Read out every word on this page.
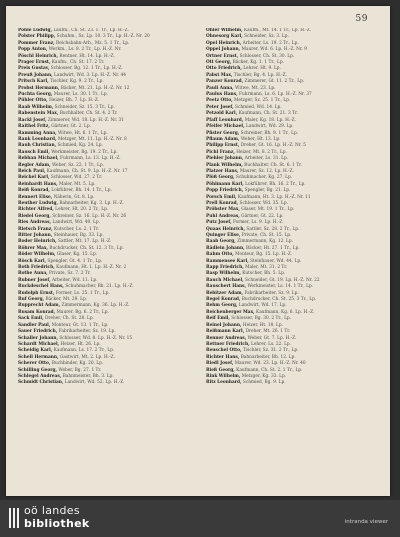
59

Pohle Ludwig, Laufm., Ch. St. 23. 1. Tr., Lp. H.-Z.

Polster Philipp, Schuhm., Sz. Lp. 10. 3 Tr., Lp. H.-Z. Nr. 20

Pommer Franz, Reichsbahn-Arb., Mz. 5. 1 Tr., Lp.

Popp Anton, Werkm., Ls. 8. 2 Tr., Lp. H.-Z. Nr.

Pöschl Heinrich, Rentner, Ht. 14. Lp. H.-Z.

Prager Ernst, Kaufm., Ch. St. 17. 2 Tr.

Preis Gustav, Schlosser, Bg. 12. 1 Tr., Lp. H.-Z.

Preuß Johann, Landwirt, Wd. 3. Lp. H.-Z. Nr. 44

Pritsch Karl, Tischler, Kg. 9. 2 Tr., Lp.

Probst Hermann, Bäcker, Mt. 21. Lp. H.-Z. Nr. 12

Puchta Georg, Maurer, Ls. 30. 1 Tr., Lp.

Pühler Otto, Heizer, Bh. 7. Lp. H.-Z.

Raab Wilhelm, Schneider, Sz. 15. 3 Tr., Lp.

Rabenstein Max, Buchhalter, Ch. St. 4. 2 Tr.

Rackl Josef, Zimmerer, Wd. 18. Lp. H.-Z. Nr. 31

Raithel Fritz, Gärtner, Gt. 2. Lp.

Ramming Anna, Witwe, Ht. 6. 1 Tr., Lp.

Rank Leonhard, Metzger, Mt. 11. Lp. H.-Z. Nr. 8

Rauh Christian, Schmied, Kg. 24. Lp.

Rausch Emil, Werkmeister, Bg. 19. 2 Tr., Lp.

Rebhan Michael, Fuhrmann, Ls. 13. Lp. H.-Z.

Regler Adam, Weber, Sz. 22. 1 Tr., Lp.

Reich Paul, Kaufmann, Ch. St. 9. Lp. H.-Z. Nr. 17

Reichel Karl, Schlosser, Wd. 27. 2 Tr.

Reinhardt Hans, Maler, Mt. 5. Lp.

Reiß Konrad, Lokführer, Bh. 14. 1 Tr., Lp.

Rennert Elise, Näherin, Gt. 8. Lp.

Reuther Ludwig, Bahnarbeiter, Kg. 3. Lp. H.-Z.

Richter Alfred, Lehrer, Ht. 20. 2 Tr., Lp.

Riedel Georg, Schreiner, Sz. 16. Lp. H.-Z. Nr. 26

Ries Andreas, Landwirt, Wd. 40. Lp.

Rietsch Franz, Kutscher, Ls. 2. 1 Tr.

Ritter Johann, Steinhauer, Bg. 33. Lp.

Roder Heinrich, Sattler, Mt. 17. Lp. H.-Z.

Röhrer Max, Buchdrucker, Ch. St. 12. 3 Tr., Lp.

Röder Wilhelm, Glaser, Kg. 15. Lp.

Rösch Karl, Spengler, Gt. 4. 1 Tr., Lp.

Roth Friedrich, Kaufmann, Ht. 1. Lp. H.-Z. Nr. 2

Rothe Anna, Private, Sz. 7. 2 Tr.

Rubner Josef, Arbeiter, Wd. 11. Lp.

Ruckdeschel Hans, Schuhmacher, Bh. 21. Lp. H.-Z.

Rudolph Ernst, Former, Ls. 25. 1 Tr., Lp.

Ruf Georg, Bäcker, Mt. 29. Lp.

Rupprecht Adam, Zimmermann, Kg. 36. Lp. H.-Z.

Rusam Konrad, Maurer, Bg. 6. 2 Tr., Lp.

Sack Emil, Dreher, Ch. St. 28. Lp.

Sandler Paul, Monteur, Gt. 13. 1 Tr., Lp.

Sauer Friedrich, Fabrikarbeiter, Sz. 19. Lp.

Schaller Johann, Schlosser, Wd. 8. Lp. H.-Z. Nr. 15

Schardt Michael, Heizer, Ht. 26. Lp.

Scheidig Karl, Kaufmann, Ls. 17. 2 Tr., Lp.

Schell Hermann, Gastwirt, Mt. 2. Lp. H.-Z.

Scherer Otto, Buchbinder, Kg. 20. Lp.

Schilling Georg, Weber, Bg. 27. 1 Tr.

Schlegel Andreas, Bahnmeister, Bh. 3. Lp.

Schmidt Christian, Landwirt, Wd. 52. Lp. H.-Z.

Ohler Wilhelm, Kaufm., Mt. 14. 1 Tr., Lp. H.-Z.

Ohnesorg Karl, Schneider, Sz. 3. Lp.

Opel Heinrich, Arbeiter, Ls. 19. 2 Tr., Lp.

Oppel Johann, Maurer, Wd. 6. Lp. H.-Z. Nr. 9

Ortner Ernst, Schlosser, Ch. St. 30. Lp.

Ott Georg, Bäcker, Kg. 1. 1 Tr., Lp.

Otto Friedrich, Lehrer, Ht. 9. Lp.

Pabst Max, Tischler, Bg. 4. Lp. H.-Z.

Panzer Konrad, Zimmerer, Gt. 11. 2 Tr., Lp.

Pauli Anna, Witwe, Mt. 23. Lp.

Paulus Hans, Fuhrmann, Ls. 6. Lp. H.-Z. Nr. 37

Peetz Otto, Metzger, Sz. 25. 1 Tr., Lp.

Peter Josef, Schmied, Wd. 14. Lp.

Petzold Karl, Kaufmann, Ch. St. 21. 3 Tr.

Pfaff Leonhard, Maler, Kg. 18. Lp. H.-Z.

Pfeifer Michael, Landwirt, Wd. 29. Lp.

Pfister Georg, Schreiner, Bh. 9. 1 Tr., Lp.

Pflaum Adam, Weber, Ht. 13. Lp.

Philipp Ernst, Dreher, Gt. 16. Lp. H.-Z. Nr. 5

Pichl Franz, Heizer, Mt. 8. 2 Tr., Lp.

Piehler Johann, Arbeiter, Ls. 31. Lp.

Plank Wilhelm, Buchhalter, Ch. St. 6. 1 Tr.

Platzer Hans, Maurer, Sz. 12. Lp. H.-Z.

Plöß Georg, Schuhmacher, Kg. 27. Lp.

Pöhlmann Karl, Lokführer, Bh. 16. 2 Tr., Lp.

Popp Friedrich, Spengler, Bg. 21. Lp.

Porsch Emil, Kaufmann, Ht. 3. Lp. H.-Z. Nr. 11

Prell Konrad, Schlosser, Wd. 35. Lp.

Pröbster Max, Glaser, Mt. 19. 1 Tr., Lp.

Puhl Andreas, Gärtner, Gt. 22. Lp.

Putz Josef, Former, Ls. 9. Lp. H.-Z.

Quaas Heinrich, Sattler, Sz. 28. 2 Tr., Lp.

Quinger Elise, Private, Ch. St. 15. Lp.

Raab Georg, Zimmermann, Kg. 12. Lp.

Rädlein Johann, Bäcker, Ht. 27. 1 Tr., Lp.

Rahm Otto, Monteur, Bg. 15. Lp. H.-Z.

Rammensee Karl, Steinhauer, Wd. 44. Lp.

Rapp Friedrich, Maler, Mt. 31. 2 Tr.

Rasp Wilhelm, Kutscher, Bh. 5. Lp.

Rauch Michael, Schneider, Gt. 19. Lp. H.-Z. Nr. 22

Rauschert Hans, Werkmeister, Ls. 14. 1 Tr., Lp.

Rebitzer Adam, Fabrikarbeiter, Sz. 9. Lp.

Regel Konrad, Buchdrucker, Ch. St. 25. 3 Tr., Lp.

Rehm Georg, Landwirt, Wd. 17. Lp.

Reichenberger Max, Kaufmann, Kg. 6. Lp. H.-Z.

Reif Emil, Schlosser, Bg. 30. 2 Tr., Lp.

Reinel Johann, Heizer, Ht. 18. Lp.

Reißmann Karl, Dreher, Mt. 26. 1 Tr.

Renner Andreas, Weber, Gt. 7. Lp. H.-Z.

Rettner Friedrich, Lehrer, Ls. 22. Lp.

Reuschel Otto, Tischler, Sz. 31. 2 Tr., Lp.

Richter Hans, Bahnarbeiter, Bh. 12. Lp.

Riedl Josef, Maurer, Wd. 23. Lp. H.-Z. Nr. 40

Rieß Georg, Kaufmann, Ch. St. 2. 1 Tr., Lp.

Rink Wilhelm, Metzger, Kg. 33. Lp.

Ritz Leonhard, Schmied, Bg. 9. Lp.

oö landes
bibliothek	intranda viewer
